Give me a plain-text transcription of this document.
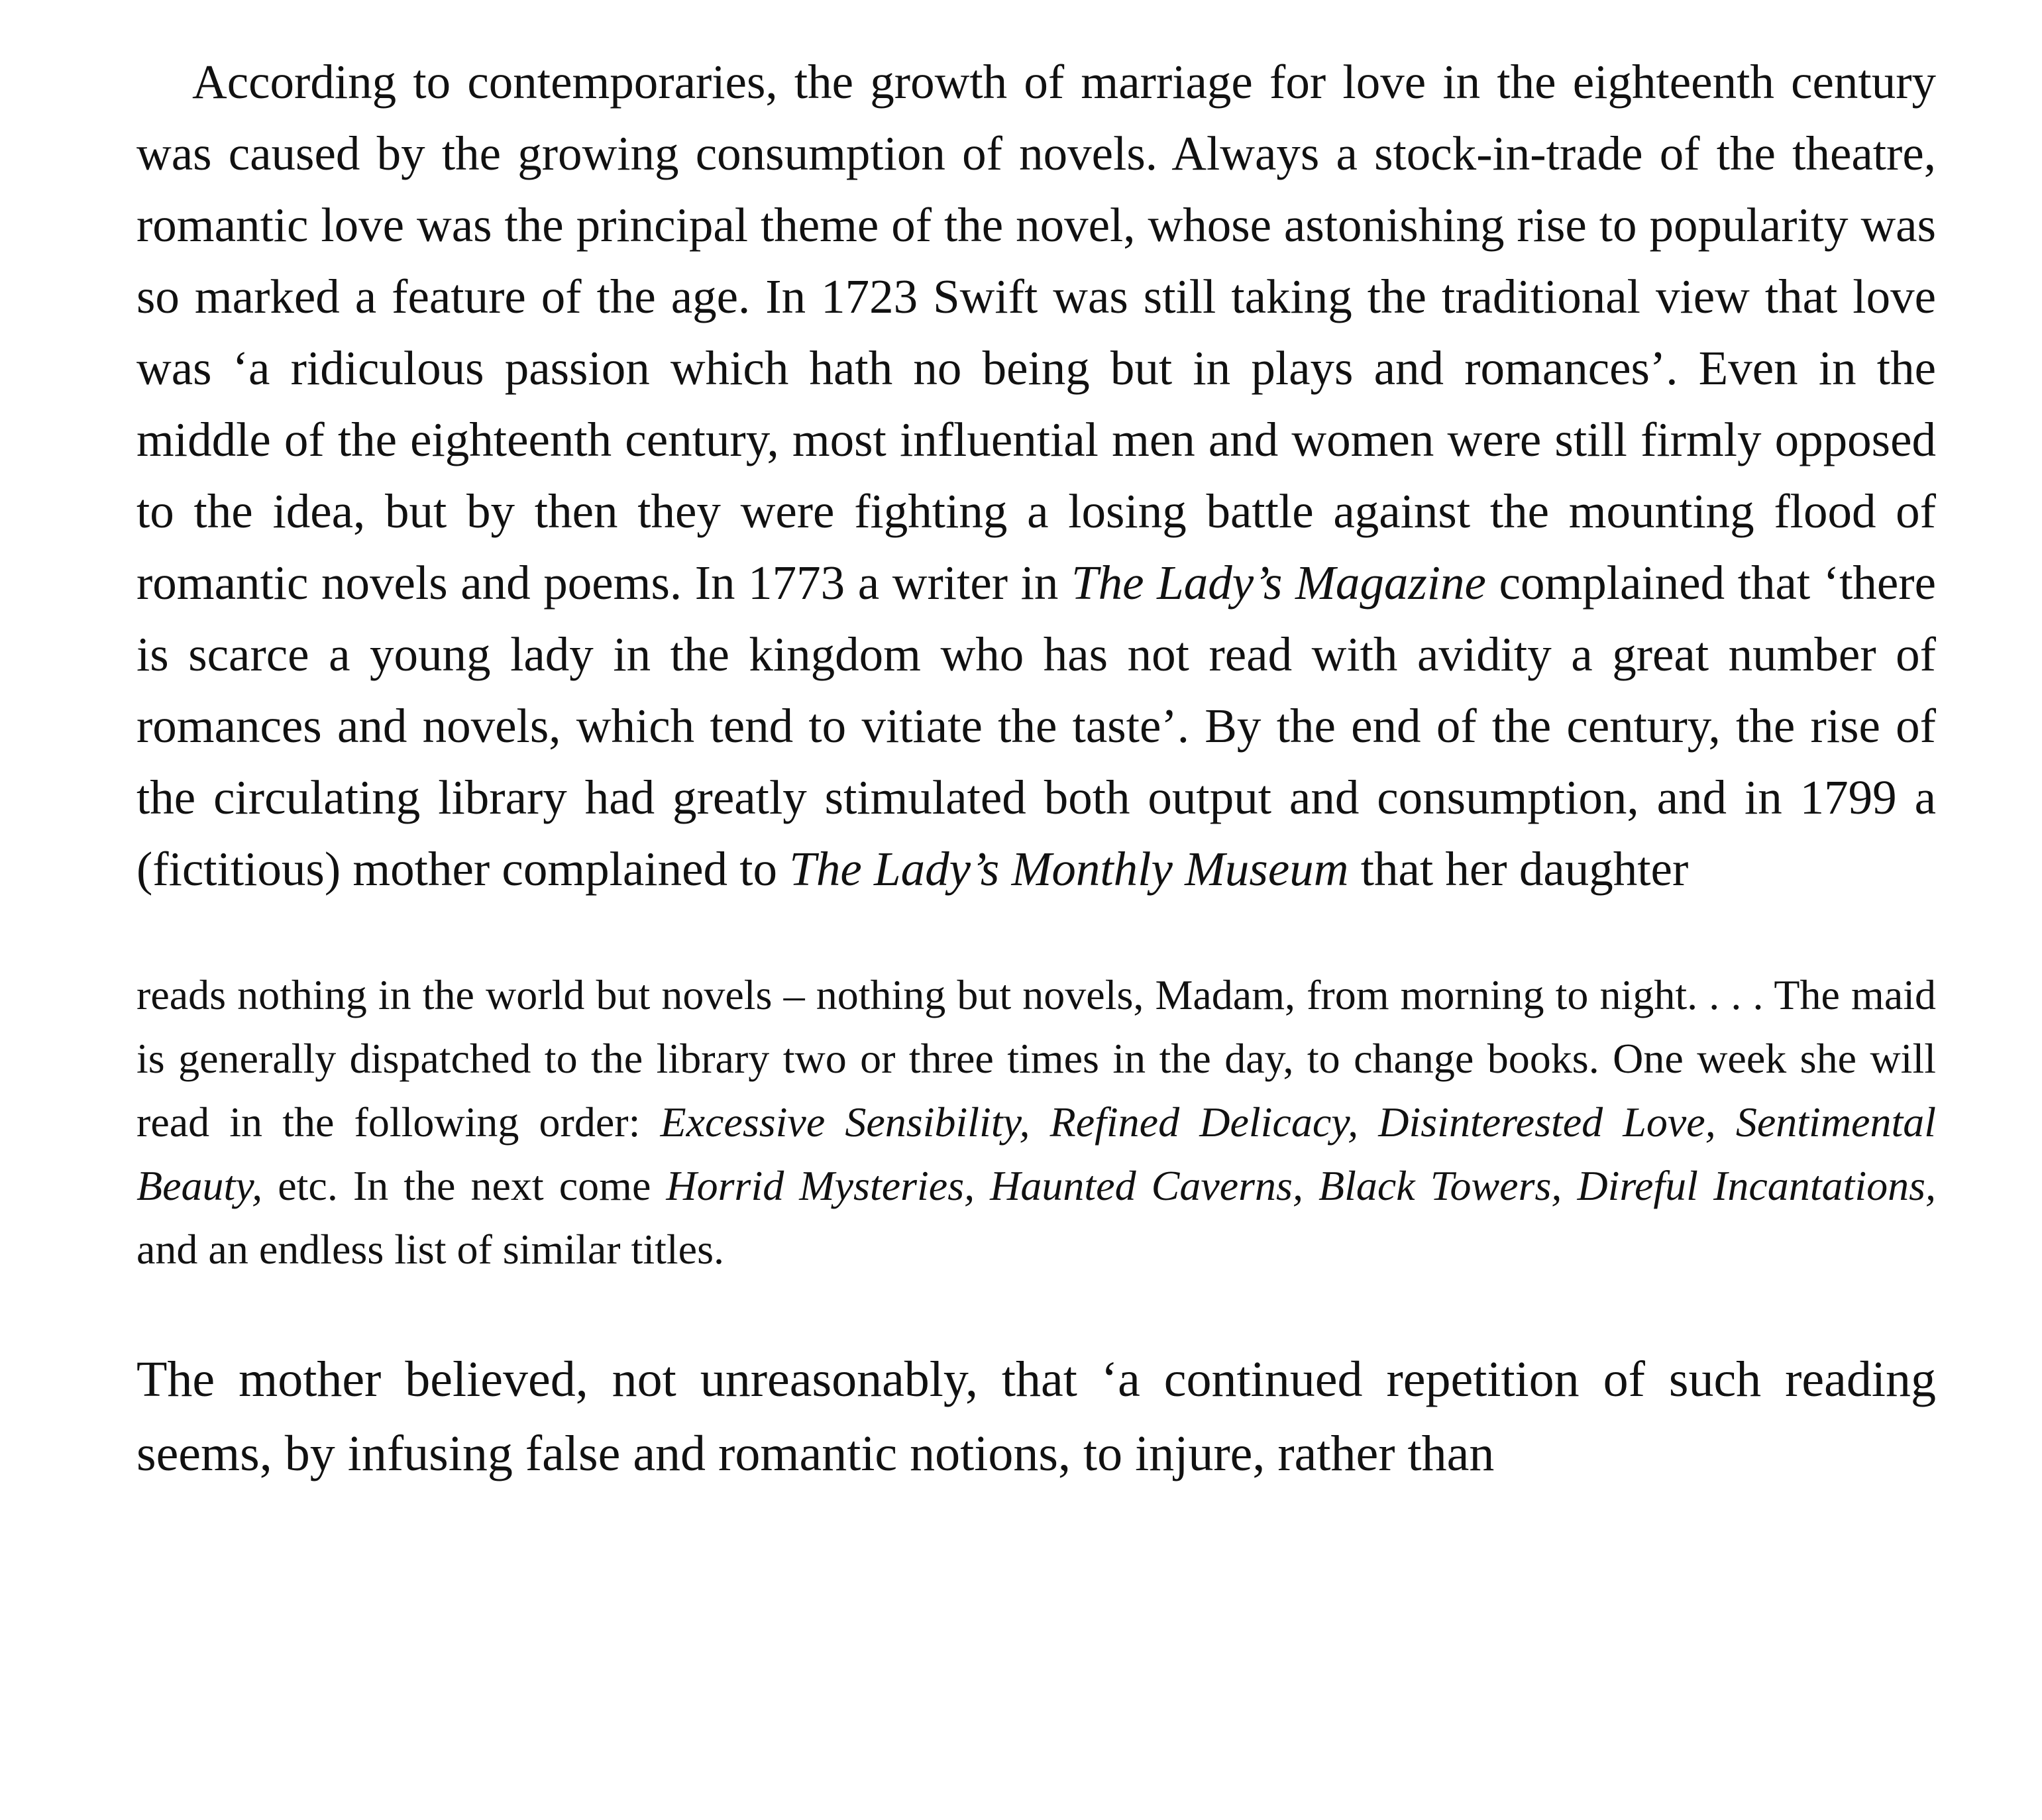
According to contemporaries, the growth of marriage for love in the eighteenth century was caused by the growing consumption of novels. Always a stock-in-trade of the theatre, romantic love was the principal theme of the novel, whose astonishing rise to popularity was so marked a feature of the age. In 1723 Swift was still taking the traditional view that love was ‘a ridiculous passion which hath no being but in plays and romances’. Even in the middle of the eighteenth century, most influential men and women were still firmly opposed to the idea, but by then they were fighting a losing battle against the mounting flood of romantic novels and poems. In 1773 a writer in The Lady’s Magazine complained that ‘there is scarce a young lady in the kingdom who has not read with avidity a great number of romances and novels, which tend to vitiate the taste’. By the end of the century, the rise of the circulating library had greatly stimulated both output and consumption, and in 1799 a (fictitious) mother complained to The Lady’s Monthly Museum that her daughter

reads nothing in the world but novels – nothing but novels, Madam, from morning to night. . . . The maid is generally dispatched to the library two or three times in the day, to change books. One week she will read in the following order: Excessive Sensibility, Refined Delicacy, Disinterested Love, Sentimental Beauty, etc. In the next come Horrid Mysteries, Haunted Caverns, Black Towers, Direful Incantations, and an endless list of similar titles.

The mother believed, not unreasonably, that ‘a continued repetition of such reading seems, by infusing false and romantic notions, to injure, rather than
